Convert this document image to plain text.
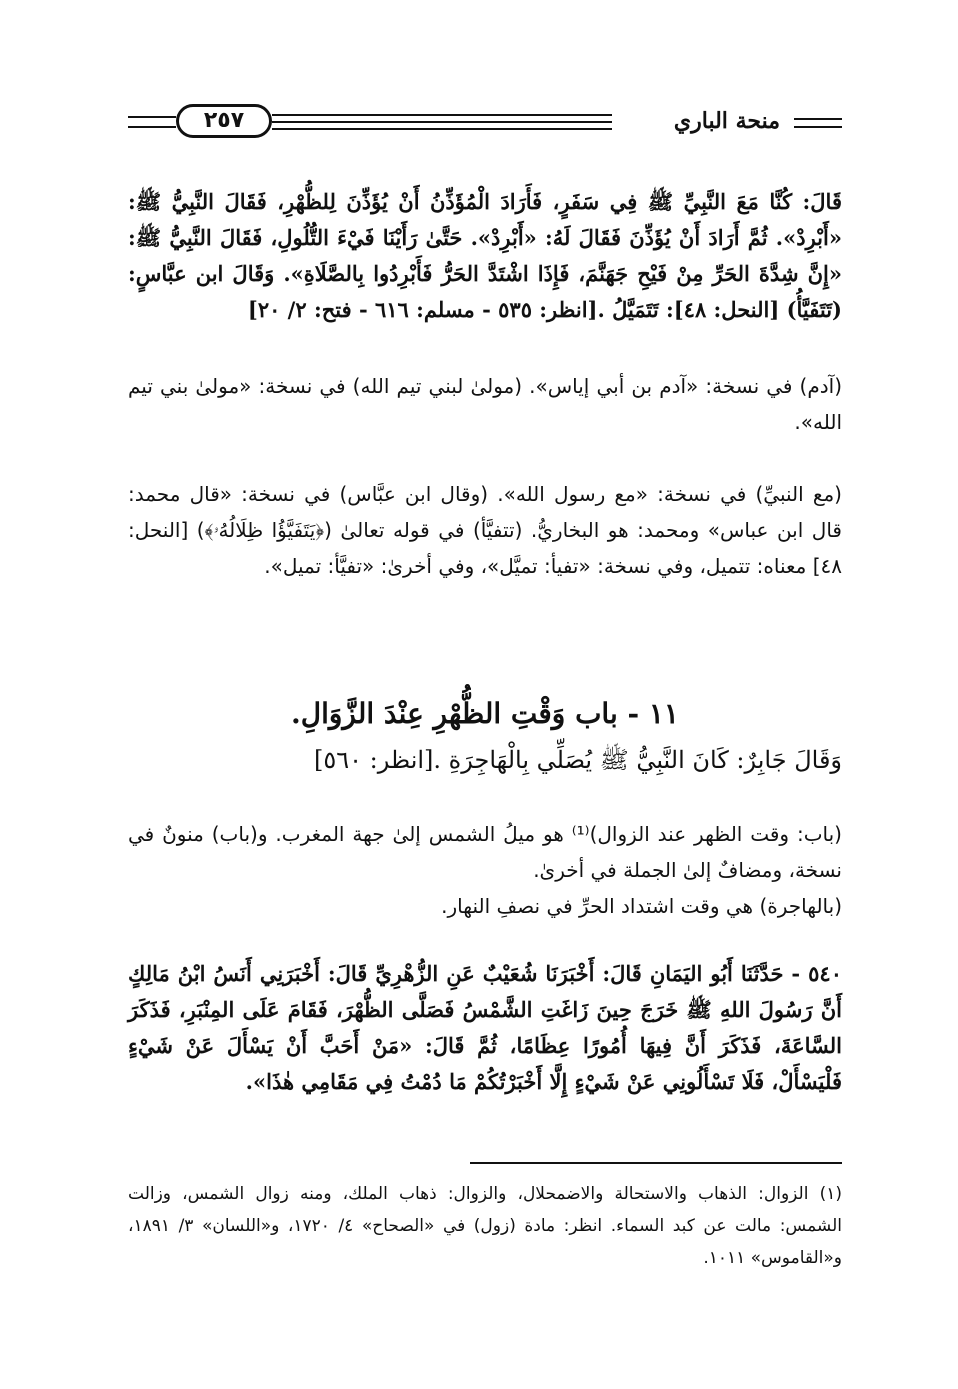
منحة الباري
٢٥٧
قَالَ: كُنَّا مَعَ النَّبِيِّ ﷺ فِي سَفَرٍ، فَأَرَادَ الْمُؤَذِّنُ أَنْ يُؤَذِّنَ لِلظُّهْرِ، فَقَالَ النَّبِيُّ ﷺ: «أَبْرِدْ». ثُمَّ أَرَادَ أَنْ يُؤَذِّنَ فَقَالَ لَهُ: «أَبْرِدْ». حَتَّىٰ رَأَيْنَا فَيْءَ التُّلُولِ، فَقَالَ النَّبِيُّ ﷺ: «إِنَّ شِدَّةَ الحَرِّ مِنْ فَيْحِ جَهَنَّمَ، فَإِذَا اشْتَدَّ الحَرُّ فَأَبْرِدُوا بِالصَّلَاةِ». وَقَالَ ابن عبَّاسٍ: (تَتَفَيَّأُ) [النحل: ٤٨]: تَتَمَيَّلُ .[انظر: ٥٣٥ - مسلم: ٦١٦ - فتح: ٢/ ٢٠]
(آدم) في نسخة: «آدم بن أبي إياس». (مولىٰ لبني تيم الله) في نسخة: «مولىٰ بني تيم الله».
(مع النبيِّ) في نسخة: «مع رسول الله». (وقال ابن عبَّاس) في نسخة: «قال محمد: قال ابن عباس» ومحمد: هو البخاريُّ. (تتفيَّأ) في قوله تعالىٰ (﴿يَتَفَيَّؤُا ظِلَالُهُۥ﴾) [النحل: ٤٨] معناه: تتميل، وفي نسخة: «تفيأ: تميَّل»، وفي أخرىٰ: «تفيَّأ: تميل».
١١ - باب وَقْتِ الظُّهْرِ عِنْدَ الزَّوَالِ.
وَقَالَ جَابِرٌ: كَانَ النَّبِيُّ ﷺ يُصَلِّي بِالْهَاجِرَةِ .[انظر: ٥٦٠]
(باب: وقت الظهر عند الزوال)⁽¹⁾ هو ميلُ الشمس إلىٰ جهة المغرب. و(باب) منونٌ في نسخة، ومضافٌ إلىٰ الجملة في أخرىٰ.
(بالهاجرة) هي وقت اشتداد الحرِّ في نصفِ النهار.
٥٤٠ - حَدَّثَنَا أَبُو اليَمَانِ قَالَ: أَخْبَرَنَا شُعَيْبٌ عَنِ الزُّهْرِيِّ قَالَ: أَخْبَرَنِي أَنَسُ ابْنُ مَالِكٍ أَنَّ رَسُولَ اللهِ ﷺ خَرَجَ حِينَ زَاغَتِ الشَّمْسُ فَصَلَّى الظُّهْرَ، فَقَامَ عَلَى المِنْبَرِ، فَذَكَرَ السَّاعَةَ، فَذَكَرَ أَنَّ فِيهَا أُمُورًا عِظَامًا، ثُمَّ قَالَ: «مَنْ أَحَبَّ أَنْ يَسْأَلَ عَنْ شَيْءٍ فَلْيَسْأَلْ، فَلَا تَسْأَلُونِي عَنْ شَيْءٍ إِلَّا أَخْبَرْتُكُمْ مَا دُمْتُ فِي مَقَامِي هٰذَا».
(١) الزوال: الذهاب والاستحالة والاضمحلال، والزوال: ذهاب الملك، ومنه زوال الشمس، وزالت الشمس: مالت عن كبد السماء. انظر: مادة (زول) في «الصحاح» ٤/ ١٧٢٠، و«اللسان» ٣/ ١٨٩١، و«القاموس» ١٠١١.
